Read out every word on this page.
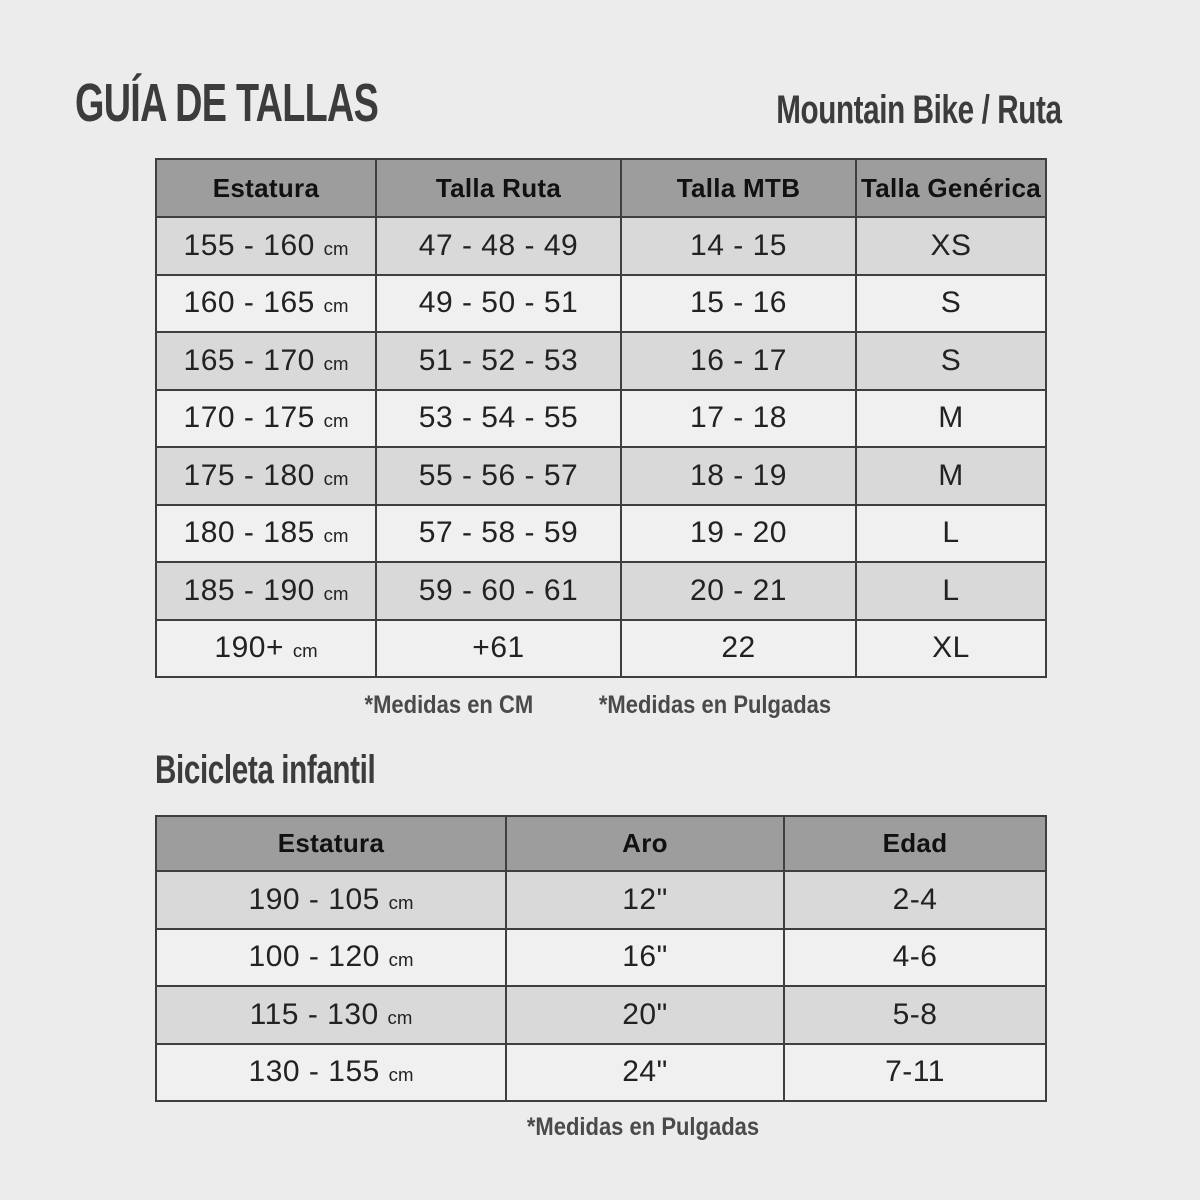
GUÍA DE TALLAS	Mountain Bike / Ruta
Estatura	Talla Ruta	Talla MTB	Talla Genérica
155 - 160 cm	47 - 48 - 49	14 - 15	XS
160 - 165 cm	49 - 50 - 51	15 - 16	S
165 - 170 cm	51 - 52 - 53	16 - 17	S
170 - 175 cm	53 - 54 - 55	17 - 18	M
175 - 180 cm	55 - 56 - 57	18 - 19	M
180 - 185 cm	57 - 58 - 59	19 - 20	L
185 - 190 cm	59 - 60 - 61	20 - 21	L
190+ cm	+61	22	XL
*Medidas en CM	*Medidas en Pulgadas
Bicicleta infantil
Estatura	Aro	Edad
190 - 105 cm	12"	2-4
100 - 120 cm	16"	4-6
115 - 130 cm	20"	5-8
130 - 155 cm	24"	7-11
*Medidas en Pulgadas
